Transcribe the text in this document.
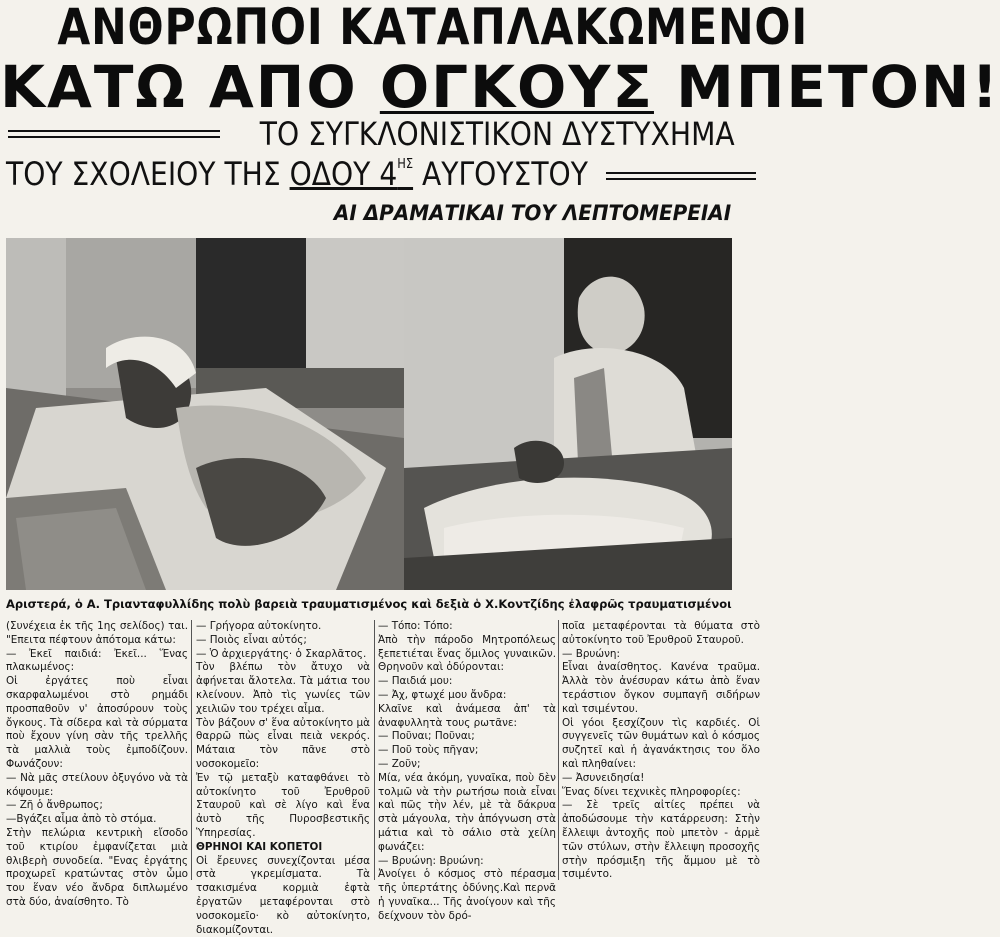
ΑΝΘΡΩΠΟΙ ΚΑΤΑΠΛΑΚΩΜΕΝΟΙ
ΚΑΤΩ ΑΠΟ ΟΓΚΟΥΣ ΜΠΕΤΟΝ!
ΤΟ ΣΥΓΚΛΟΝΙΣΤΙΚΟΝ ΔΥΣΤΥΧΗΜΑ
ΤΟΥ ΣΧΟΛΕΙΟΥ ΤΗΣ ΟΔΟΥ $4^{H\Sigma}$ ΑΥΓΟΥΣΤΟΥ
ΑΙ ΔΡΑΜΑΤΙΚΑΙ ΤΟΥ ΛΕΠΤΟΜΕΡΕΙΑΙ
Αριστερά, ὁ Α. Τριανταφυλλίδης πολὺ βαρειὰ τραυματισμένος καὶ δεξιὰ ὁ Χ.Κοντζίδης ἐλαφρῶς τραυματισμένοι

(Συνέχεια ἐκ τῆς 1ης σελίδος) ται. "Επειτα πέφτουν ἀπότομα κάτω:

— Ἐκεῖ παιδιά: Ἐκεῖ... Ἕνας πλακωμένος:

Οἱ ἐργάτες ποὺ εἶναι σκαρφαλωμένοι στὸ ρημάδι προσπαθοῦν ν' ἀποσύρουν τοὺς ὄγκους. Τὰ σίδερα καὶ τὰ σύρματα ποὺ ἔχουν γίνη σὰν τῆς τρελλῆς τὰ μαλλιὰ τοὺς ἐμποδίζουν. Φωνάζουν:

— Νὰ μᾶς στείλουν ὀξυγόνο νὰ τὰ κόψουμε:

— Ζῆ ὁ ἄνθρωπος;

—Βγάζει αἷμα ἀπὸ τὸ στόμα.

Στὴν πελώρια κεντρικὴ εἴσοδο τοῦ κτιρίου ἐμφανίζεται μιὰ θλιβερὴ συνοδεία. "Ενας ἐργάτης προχωρεῖ κρατώντας στὸν ὦμο του ἕναν νέο ἄνδρα διπλωμένο στὰ δύο, ἀναίσθητο. Τὸ

— Γρήγορα αὐτοκίνητο.

— Ποιὸς εἶναι αὐτός;

— Ὁ ἀρχιεργάτης· ὁ Σκαρλᾶτος.

Τὸν βλέπω τὸν ἄτυχο νὰ ἀφήνεται ἄλοτελα. Τὰ μάτια του κλείνουν. Ἀπὸ τὶς γωνίες τῶν χειλιῶν του τρέχει αἷμα.

Τὸν βάζουν σ' ἕνα αὐτοκίνητο μὰ θαρρῶ πὼς εἶναι πειὰ νεκρός. Μάταια τὸν πᾶνε στὸ νοσοκομεῖο:

Ἐν τῷ μεταξὺ καταφθάνει τὸ αὐτοκίνητο τοῦ Ἐρυθροῦ Σταυροῦ καὶ σὲ λίγο καὶ ἕνα ἀυτὸ τῆς Πυροσβεστικῆς Ὑπηρεσίας.

ΘΡΗΝΟΙ ΚΑΙ ΚΟΠΕΤΟΙ

Οἱ ἔρευνες συνεχίζονται μέσα στὰ γκρεμίσματα. Τὰ τσακισμένα κορμιὰ ἑφτὰ ἐργατῶν μεταφέρονται στὸ νοσοκομεῖο· κὸ αὐτοκίνητο, διακομίζονται.

— Τόπο: Τόπο:

Ἀπὸ τὴν πάροδο Μητροπόλεως ξεπετιέται ἕνας ὅμιλος γυναικῶν. Θρηνοῦν καὶ ὀδύρονται:

— Παιδιά μου:

— Ἀχ, φτωχέ μου ἄνδρα:

Κλαῖνε καὶ ἀνάμεσα ἀπ' τὰ ἀναφυλλητὰ τους ρωτᾶνε:

— Ποῦναι; Ποῦναι;

— Ποῦ τοὺς πῆγαν;

— Ζοῦν;

Μία, νέα ἀκόμη, γυναῖκα, ποὺ δὲν τολμῶ νὰ τὴν ρωτήσω ποιὰ εἶναι καὶ πῶς τὴν λέν, μὲ τὰ δάκρυα στὰ μάγουλα, τὴν ἀπόγνωση στὰ μάτια καὶ τὸ σάλιο στὰ χείλη φωνάζει:

— Βρυώνη: Βρυώνη:

Ἀνοίγει ὁ κόσμος στὸ πέρασμα τῆς ὑπερτάτης ὀδύνης.Καὶ περνᾶ ἡ γυναῖκα... Τῆς ἀνοίγουν καὶ τῆς δείχνουν τὸν δρό-

ποῖα μεταφέρονται τὰ θύματα στὸ αὐτοκίνητο τοῦ Ἐρυθροῦ Σταυροῦ.

— Βρυώνη:

Εἶναι ἀναίσθητος. Κανένα τραῦμα. Ἀλλὰ τὸν ἀνέσυραν κάτω ἀπὸ ἕναν τεράστιον ὄγκον συμπαγῆ σιδήρων καὶ τσιμέντου.

Οἱ γόοι ξεσχίζουν τὶς καρδιές. Οἱ συγγενεῖς τῶν θυμάτων καὶ ὁ κόσμος συζητεῖ καὶ ἡ ἀγανάκτησις του ὅλο καὶ πληθαίνει:

— Ἀσυνειδησία!

Ἕνας δίνει τεχνικὲς πληροφορίες:

— Σὲ τρεῖς αἰτίες πρέπει νὰ ἀποδώσουμε τὴν κατάρρευση: Στὴν ἔλλειψι ἀντοχῆς ποὺ μπετὸν - ἀρμὲ τῶν στύλων, στὴν ἔλλειψη προσοχῆς στὴν πρόσμιξη τῆς ἄμμου μὲ τὸ τσιμέντο.
